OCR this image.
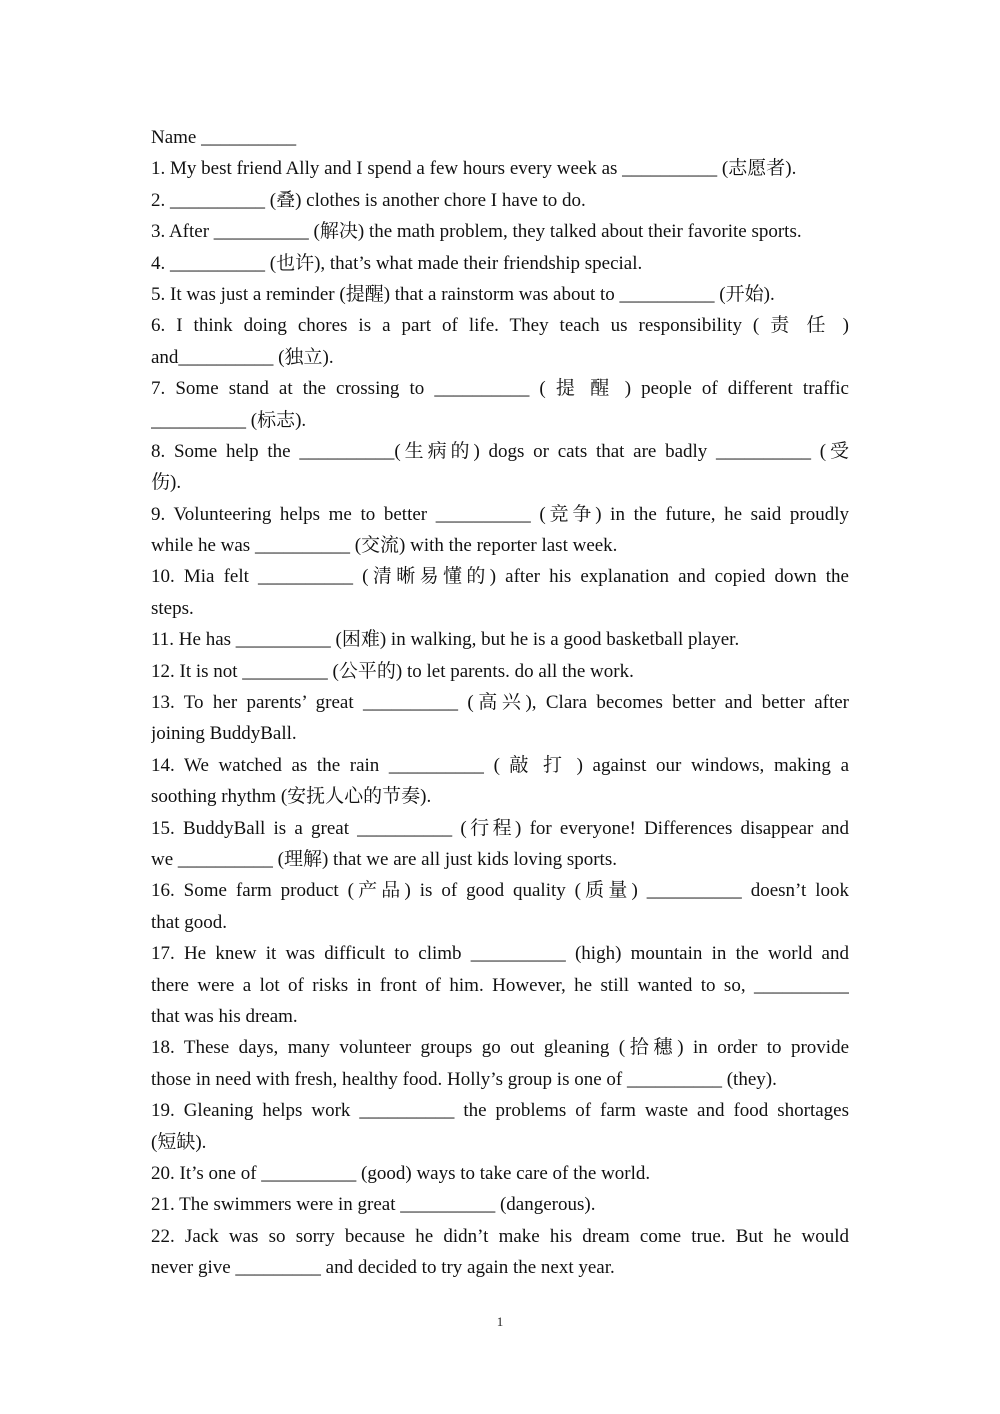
Name __________
1. My best friend Ally and I spend a few hours every week as __________ (志愿者).
2. __________ (叠) clothes is another chore I have to do.
3. After __________ (解决) the math problem, they talked about their favorite sports.
4. __________ (也许), that’s what made their friendship special.
5. It was just a reminder (提醒) that a rainstorm was about to __________ (开始).
6. I think doing chores is a part of life. They teach us responsibility ( 责 任 )
and__________ (独立).
7. Some stand at the crossing to __________ ( 提 醒 ) people of different traffic
__________ (标志).
8. Some help the __________(生病的) dogs or cats that are badly __________ (受
伤).
9. Volunteering helps me to better __________ (竞争) in the future, he said proudly
while he was __________ (交流) with the reporter last week.
10. Mia felt __________ (清晰易懂的) after his explanation and copied down the
steps.
11. He has __________ (困难) in walking, but he is a good basketball player.
12. It is not _________ (公平的) to let parents. do all the work.
13. To her parents’ great __________ (高兴), Clara becomes better and better after
joining BuddyBall.
14. We watched as the rain __________ ( 敲 打 ) against our windows, making a
soothing rhythm (安抚人心的节奏).
15. BuddyBall is a great __________ (行程) for everyone! Differences disappear and
we __________ (理解) that we are all just kids loving sports.
16. Some farm product (产品) is of good quality (质量) __________ doesn’t look
that good.
17. He knew it was difficult to climb __________ (high) mountain in the world and
there were a lot of risks in front of him. However, he still wanted to so, __________
that was his dream.
18. These days, many volunteer groups go out gleaning (拾穗) in order to provide
those in need with fresh, healthy food. Holly’s group is one of __________ (they).
19. Gleaning helps work __________ the problems of farm waste and food shortages
(短缺).
20. It’s one of __________ (good) ways to take care of the world.
21. The swimmers were in great __________ (dangerous).
22. Jack was so sorry because he didn’t make his dream come true. But he would
never give _________ and decided to try again the next year.
1
